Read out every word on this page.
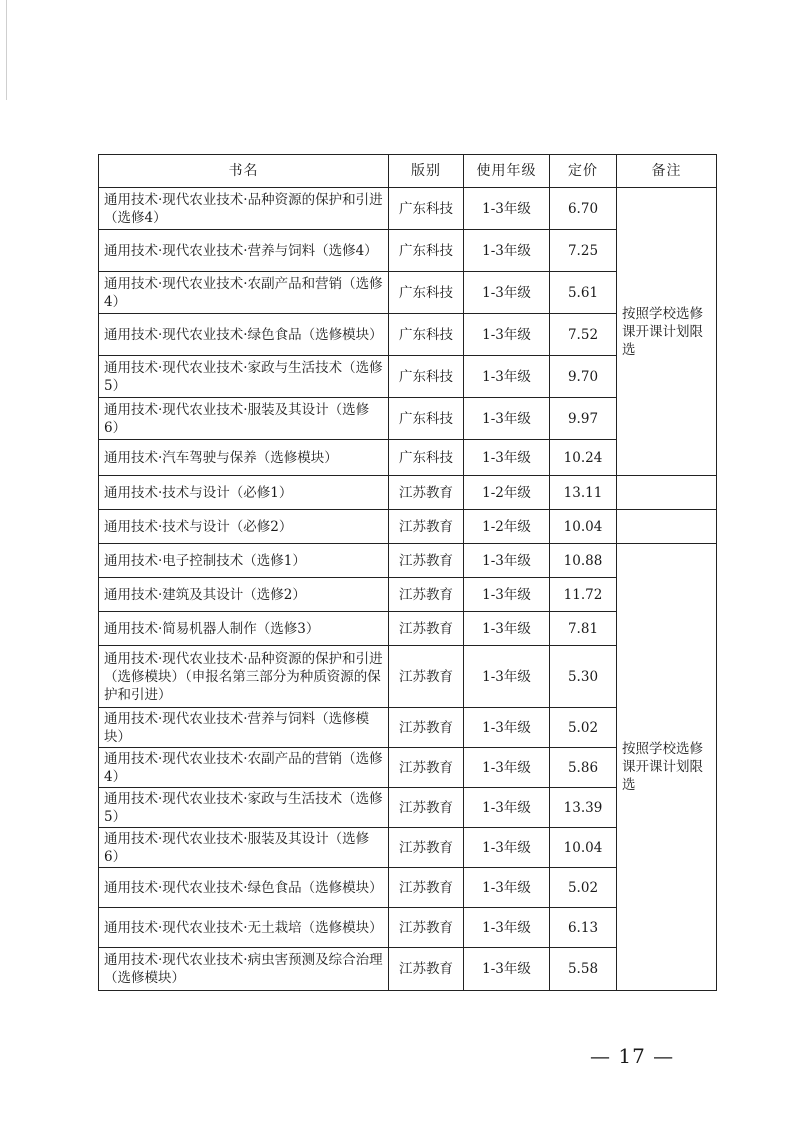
书名	版别	使用年级	定价	备注
通用技术·现代农业技术·品种资源的保护和引进（选修4）	广东科技	1-3年级	6.70	按照学校选修课开课计划限选
通用技术·现代农业技术·营养与饲料（选修4）	广东科技	1-3年级	7.25	
通用技术·现代农业技术·农副产品和营销（选修4）	广东科技	1-3年级	5.61	
通用技术·现代农业技术·绿色食品（选修模块）	广东科技	1-3年级	7.52	
通用技术·现代农业技术·家政与生活技术（选修5）	广东科技	1-3年级	9.70	
通用技术·现代农业技术·服装及其设计（选修6）	广东科技	1-3年级	9.97	
通用技术·汽车驾驶与保养（选修模块）	广东科技	1-3年级	10.24	
通用技术·技术与设计（必修1）	江苏教育	1-2年级	13.11	
通用技术·技术与设计（必修2）	江苏教育	1-2年级	10.04	
通用技术·电子控制技术（选修1）	江苏教育	1-3年级	10.88	按照学校选修课开课计划限选
通用技术·建筑及其设计（选修2）	江苏教育	1-3年级	11.72	
通用技术·简易机器人制作（选修3）	江苏教育	1-3年级	7.81	
通用技术·现代农业技术·品种资源的保护和引进（选修模块）（申报名第三部分为种质资源的保护和引进）	江苏教育	1-3年级	5.30	
通用技术·现代农业技术·营养与饲料（选修模块）	江苏教育	1-3年级	5.02	
通用技术·现代农业技术·农副产品的营销（选修4）	江苏教育	1-3年级	5.86	
通用技术·现代农业技术·家政与生活技术（选修5）	江苏教育	1-3年级	13.39	
通用技术·现代农业技术·服装及其设计（选修6）	江苏教育	1-3年级	10.04	
通用技术·现代农业技术·绿色食品（选修模块）	江苏教育	1-3年级	5.02	
通用技术·现代农业技术·无土栽培（选修模块）	江苏教育	1-3年级	6.13	
通用技术·现代农业技术·病虫害预测及综合治理（选修模块）	江苏教育	1-3年级	5.58	
— 17 —
